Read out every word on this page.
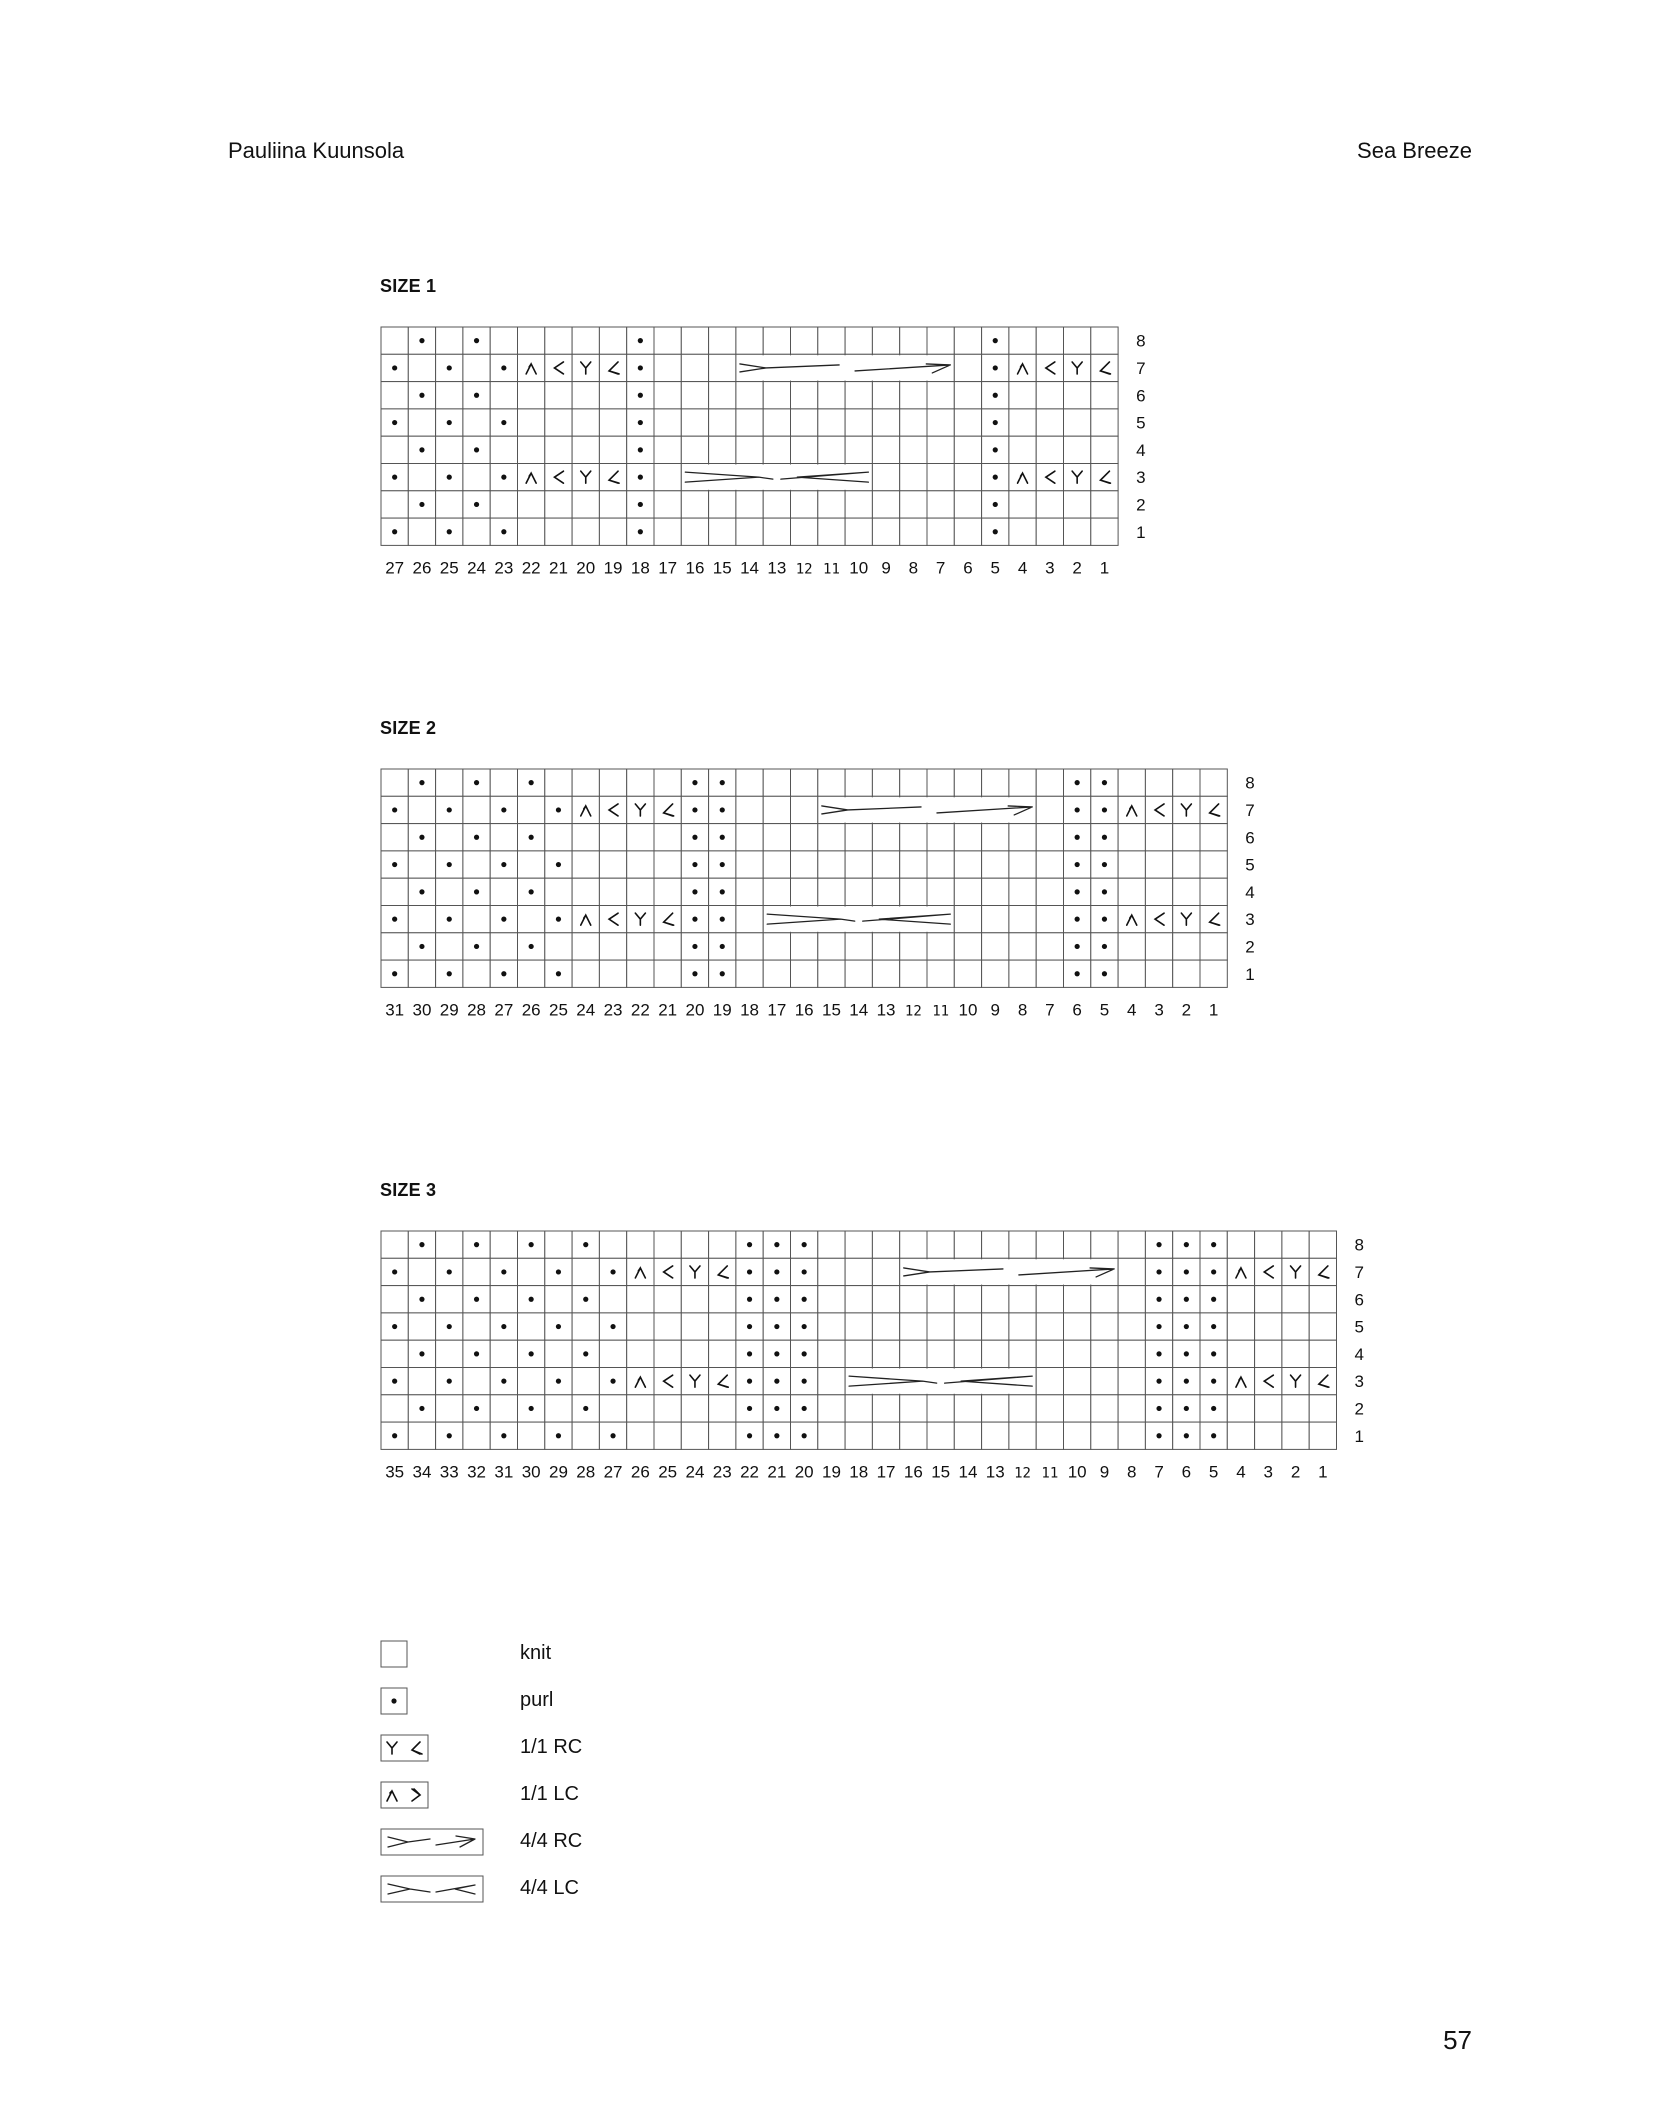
Pauliina Kuunsola	Sea Breeze
SIZE 1
27 26 25 24 23 22 21 20 19 18 17 16 15 14 13 12 11 10 9 8 7 6 5 4 3 2 1
8
7
6
5
4
3
2
1
SIZE 2
31 30 29 28 27 26 25 24 23 22 21 20 19 18 17 16 15 14 13 12 11 10 9 8 7 6 5 4 3 2 1
8
7
6
5
4
3
2
1
SIZE 3
35 34 33 32 31 30 29 28 27 26 25 24 23 22 21 20 19 18 17 16 15 14 13 12 11 10 9 8 7 6 5 4 3 2 1
8
7
6
5
4
3
2
1
knit
purl
1/1 RC
1/1 LC
4/4 RC
4/4 LC
57
